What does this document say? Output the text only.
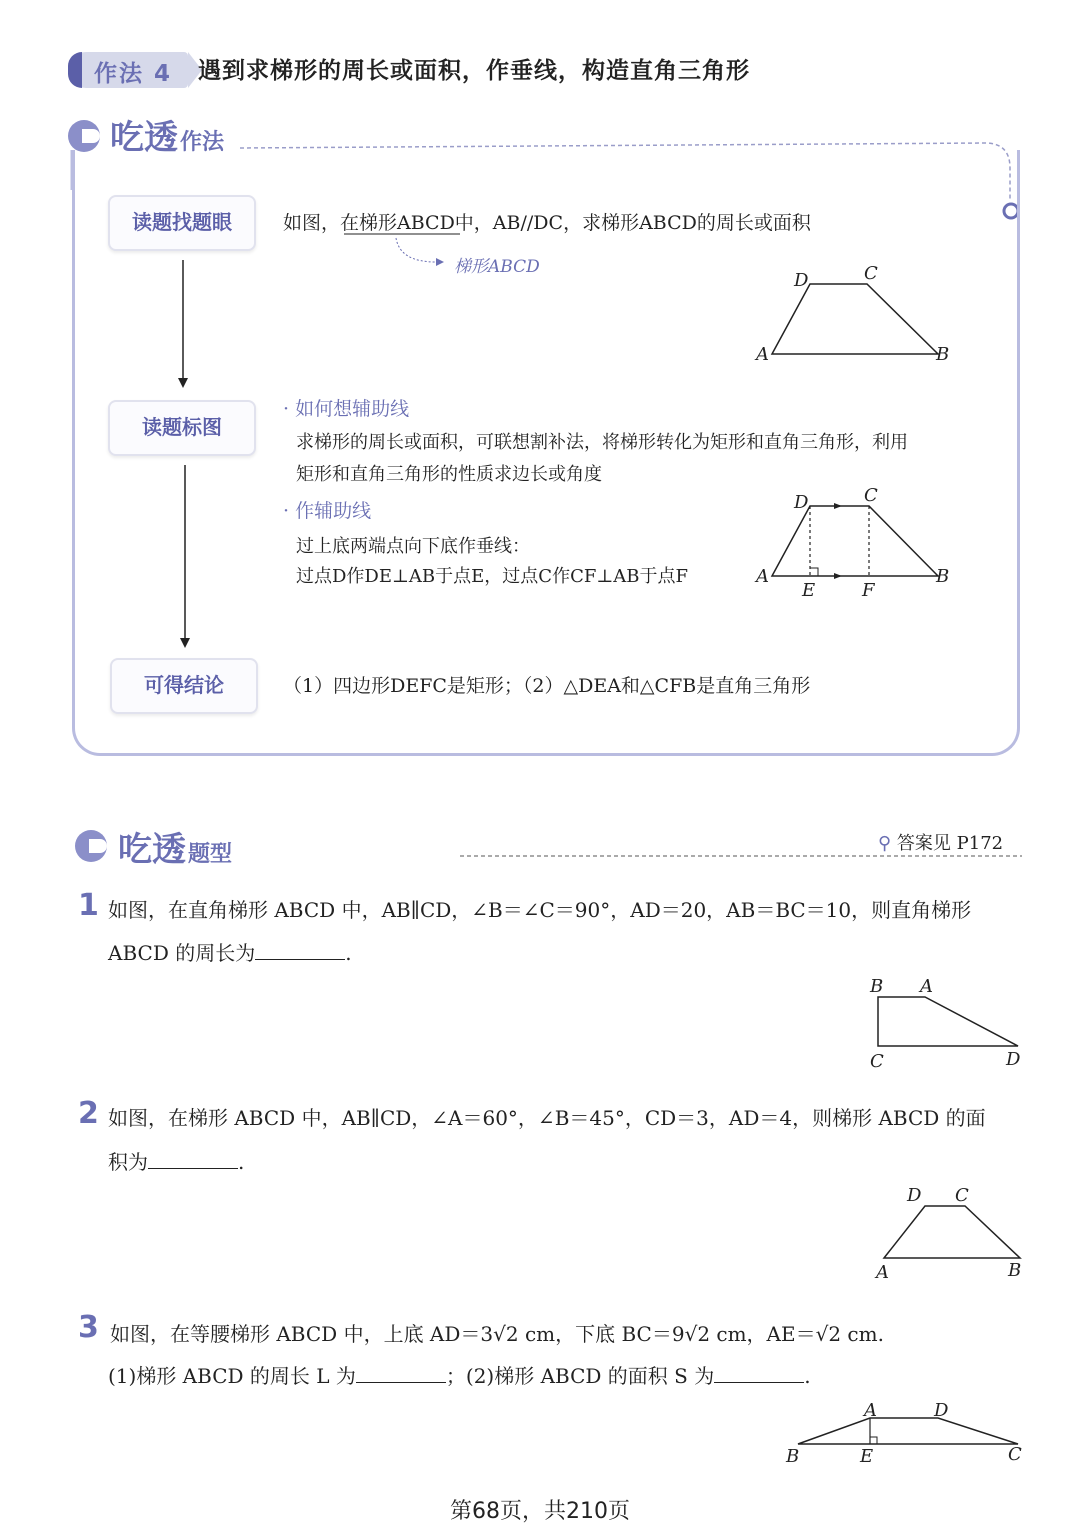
作法 4 遇到求梯形的周长或面积，作垂线，构造直角三角形
吃透作法
读题找题眼
读题标图
可得结论
如图，在梯形ABCD中，AB//DC，求梯形ABCD的周长或面积
梯形ABCD
D	C
A	B
· 如何想辅助线
求梯形的周长或面积，可联想割补法，将梯形转化为矩形和直角三角形，利用
矩形和直角三角形的性质求边长或角度
· 作辅助线
过上底两端点向下底作垂线：
过点D作DE⊥AB于点E，过点C作CF⊥AB于点F
D	C
A	B
E	F
（1）四边形DEFC是矩形；（2）△DEA和△CFB是直角三角形
吃透题型	⚲ 答案见 P172
1 如图，在直角梯形 ABCD 中，AB∥CD，∠B＝∠C＝90°，AD＝20，AB＝BC＝10，则直角梯形
ABCD 的周长为	.
B A
C	D
2 如图，在梯形 ABCD 中，AB∥CD，∠A＝60°，∠B＝45°，CD＝3，AD＝4，则梯形 ABCD 的面
积为	.
D C
A	B
3 如图，在等腰梯形 ABCD 中，上底 AD＝3√2 cm，下底 BC＝9√2 cm，AE＝√2 cm.
(1)梯形 ABCD 的周长 L 为	；(2)梯形 ABCD 的面积 S 为	.
A	D
B	E	C
第68页，共210页
